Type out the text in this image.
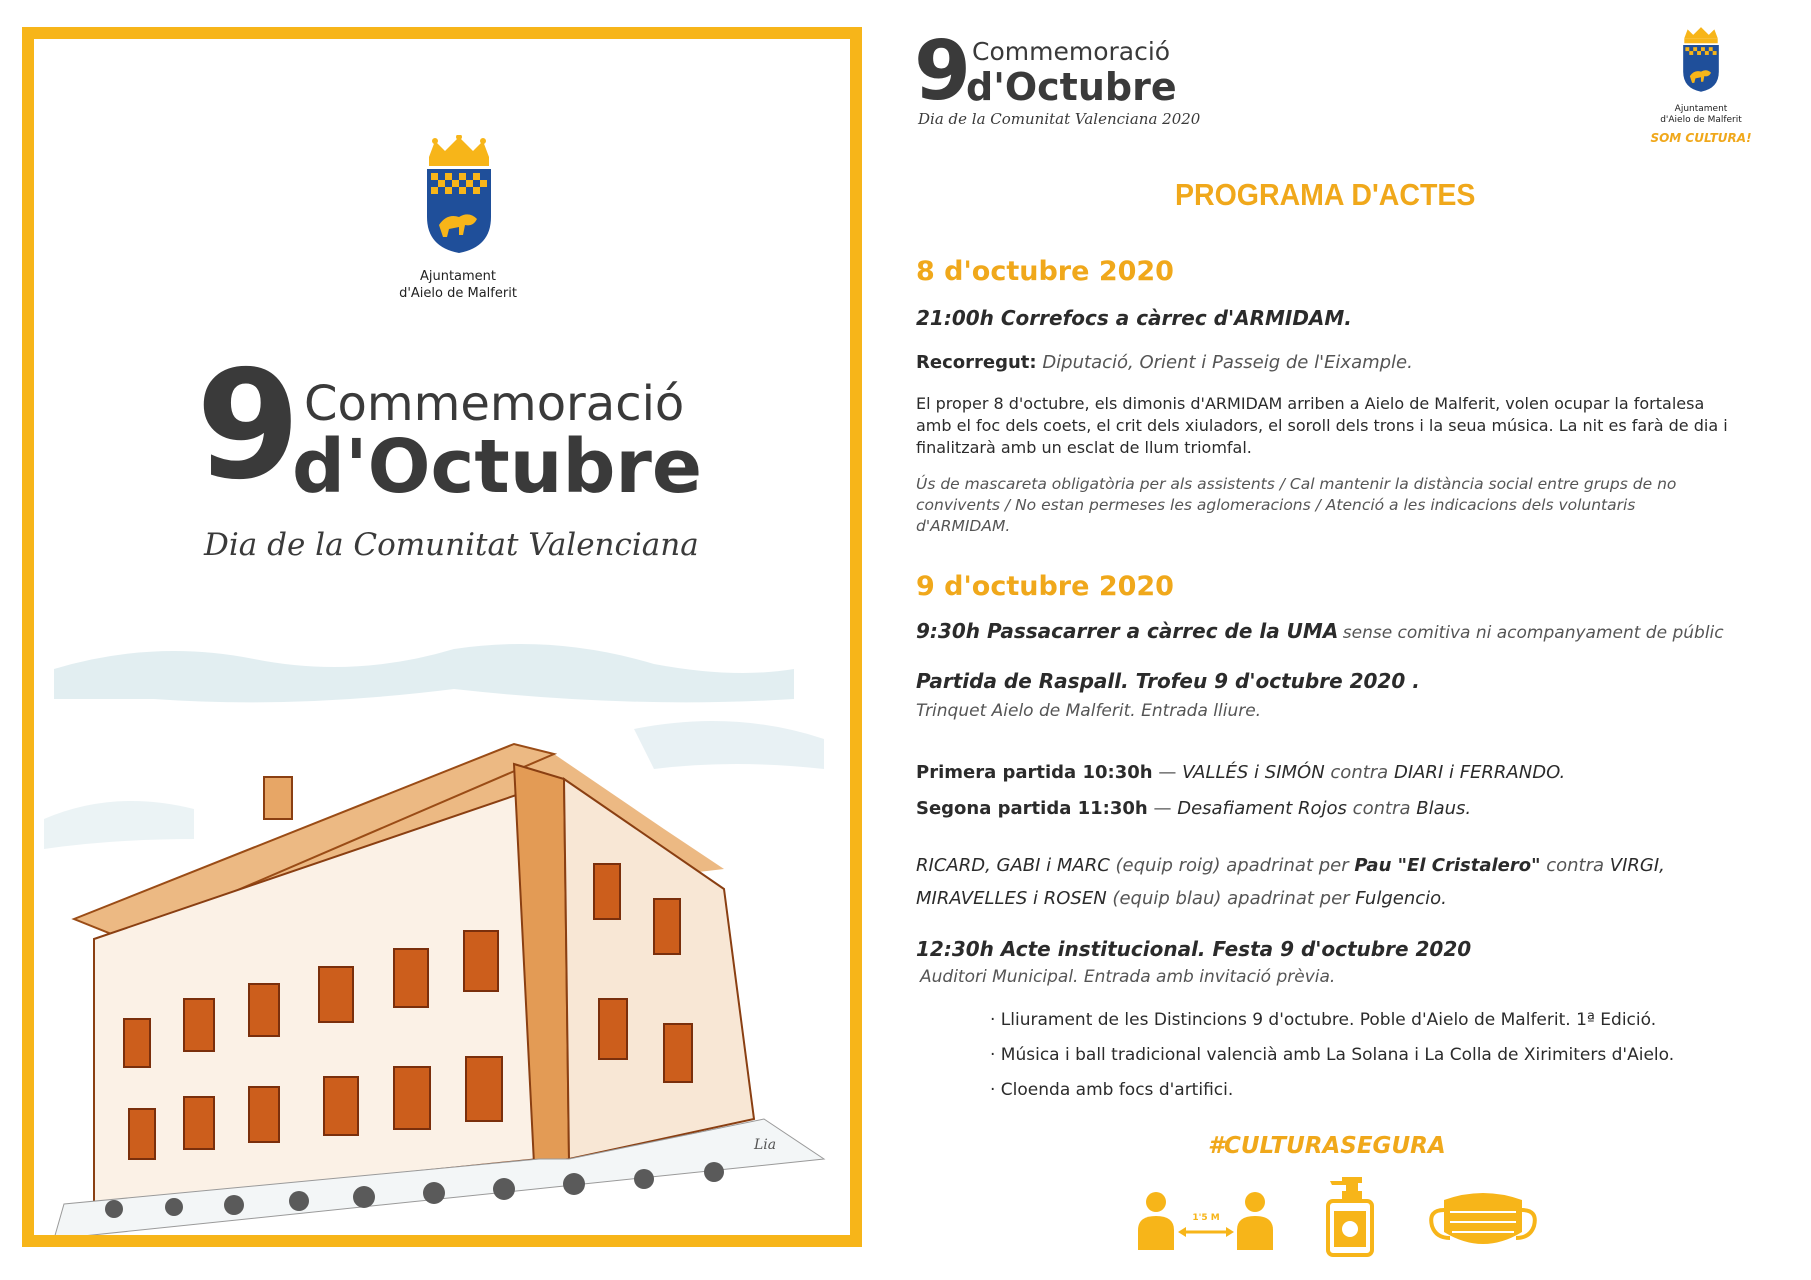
Ajuntament
d'Aielo de Malferit
9 Commemoració
d'Octubre
Dia de la Comunitat Valenciana
Lia
9 Commemoració
d'Octubre
Dia de la Comunitat Valenciana 2020
Ajuntament
d'Aielo de Malferit
SOM CULTURA!
PROGRAMA D'ACTES
8 d'octubre 2020
21:00h Correfocs a càrrec d'ARMIDAM.
Recorregut: Diputació, Orient i Passeig de l'Eixample.
El proper 8 d'octubre, els dimonis d'ARMIDAM arriben a Aielo de Malferit, volen ocupar la fortalesa
amb el foc dels coets, el crit dels xiuladors, el soroll dels trons i la seua música. La nit es farà de dia i
finalitzarà amb un esclat de llum triomfal.
Ús de mascareta obligatòria per als assistents / Cal mantenir la distància social entre grups de no
convivents / No estan permeses les aglomeracions / Atenció a les indicacions dels voluntaris
d'ARMIDAM.
9 d'octubre 2020
9:30h Passacarrer a càrrec de la UMA sense comitiva ni acompanyament de públic
Partida de Raspall. Trofeu 9 d'octubre 2020 .
Trinquet Aielo de Malferit. Entrada lliure.
Primera partida 10:30h — VALLÉS i SIMÓN contra DIARI i FERRANDO.
Segona partida 11:30h — Desafiament Rojos contra Blaus.
RICARD, GABI i MARC (equip roig) apadrinat per Pau "El Cristalero" contra VIRGI,
MIRAVELLES i ROSEN (equip blau) apadrinat per Fulgencio.
12:30h Acte institucional. Festa 9 d'octubre 2020
Auditori Municipal. Entrada amb invitació prèvia.
· Lliurament de les Distincions 9 d'octubre. Poble d'Aielo de Malferit. 1ª Edició.
· Música i ball tradicional valencià amb La Solana i La Colla de Xirimiters d'Aielo.
· Cloenda amb focs d'artifici.
#CULTURASEGURA
1'5 M
